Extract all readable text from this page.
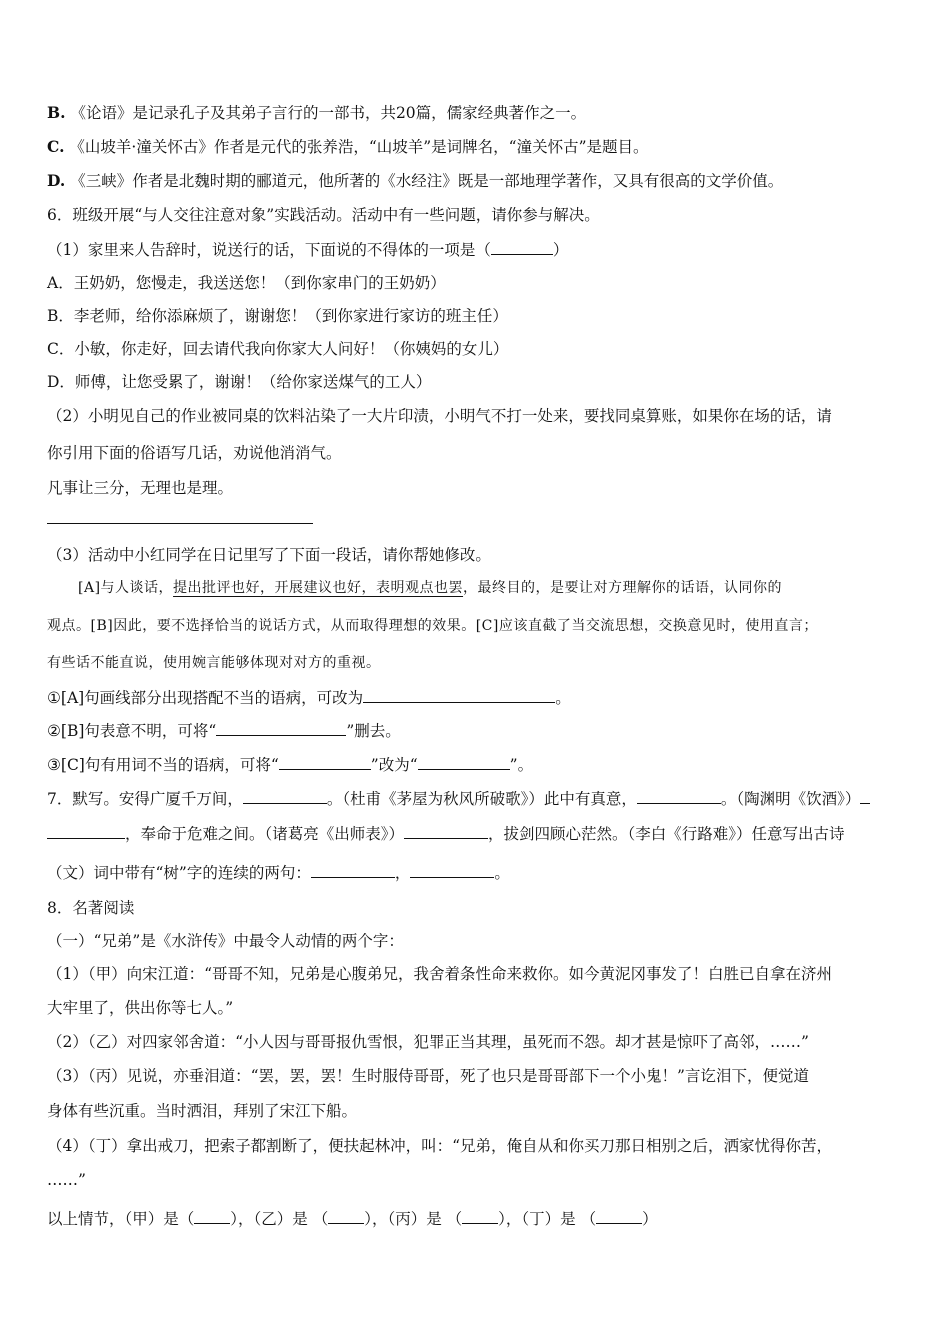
B. 《论语》是记录孔子及其弟子言行的一部书，共20篇，儒家经典著作之一。
C. 《山坡羊·潼关怀古》作者是元代的张养浩，“山坡羊”是词牌名，“潼关怀古”是题目。
D. 《三峡》作者是北魏时期的郦道元，他所著的《水经注》既是一部地理学著作，又具有很高的文学价值。
6．班级开展“与人交往注意对象”实践活动。活动中有一些问题，请你参与解决。
（1）家里来人告辞时，说送行的话，下面说的不得体的一项是（	）
A．王奶奶，您慢走，我送送您！（到你家串门的王奶奶）
B．李老师，给你添麻烦了，谢谢您！（到你家进行家访的班主任）
C．小敏，你走好，回去请代我向你家大人问好！（你姨妈的女儿）
D．师傅，让您受累了，谢谢！（给你家送煤气的工人）
（2）小明见自己的作业被同桌的饮料沾染了一大片印渍，小明气不打一处来，要找同桌算账，如果你在场的话，请
你引用下面的俗语写几话，劝说他消消气。
凡事让三分，无理也是理。
（3）活动中小红同学在日记里写了下面一段话，请你帮她修改。
[A]与人谈话，提出批评也好，开展建议也好，表明观点也罢，最终目的，是要让对方理解你的话语，认同你的
观点。[B]因此，要不选择恰当的说话方式，从而取得理想的效果。[C]应该直截了当交流思想，交换意见时，使用直言；
有些话不能直说，使用婉言能够体现对对方的重视。
①[A]句画线部分出现搭配不当的语病，可改为	。
②[B]句表意不明，可将“	”删去。
③[C]句有用词不当的语病，可将“	”改为“	”。
7．默写。安得广厦千万间，	。（杜甫《茅屋为秋风所破歌》）此中有真意，	。（陶渊明《饮酒》）
，奉命于危难之间。（诸葛亮《出师表》）	，拔剑四顾心茫然。（李白《行路难》）任意写出古诗
（文）词中带有“树”字的连续的两句：	，	。
8．名著阅读
（一）“兄弟”是《水浒传》中最令人动情的两个字：
（1）（甲）向宋江道：“哥哥不知，兄弟是心腹弟兄，我舍着条性命来救你。如今黄泥冈事发了！白胜已自拿在济州
大牢里了，供出你等七人。”
（2）（乙）对四家邻舍道：“小人因与哥哥报仇雪恨，犯罪正当其理，虽死而不怨。却才甚是惊吓了高邻，……”
（3）（丙）见说，亦垂泪道：“罢，罢，罢！生时服侍哥哥，死了也只是哥哥部下一个小鬼！”言讫泪下，便觉道
身体有些沉重。当时洒泪，拜别了宋江下船。
（4）（丁）拿出戒刀，把索子都割断了，便扶起林冲，叫：“兄弟，俺自从和你买刀那日相别之后，洒家忧得你苦，
……”
以上情节，（甲）是（ ），（乙）是 （ ），（丙）是 （ ），（丁）是 （	）
